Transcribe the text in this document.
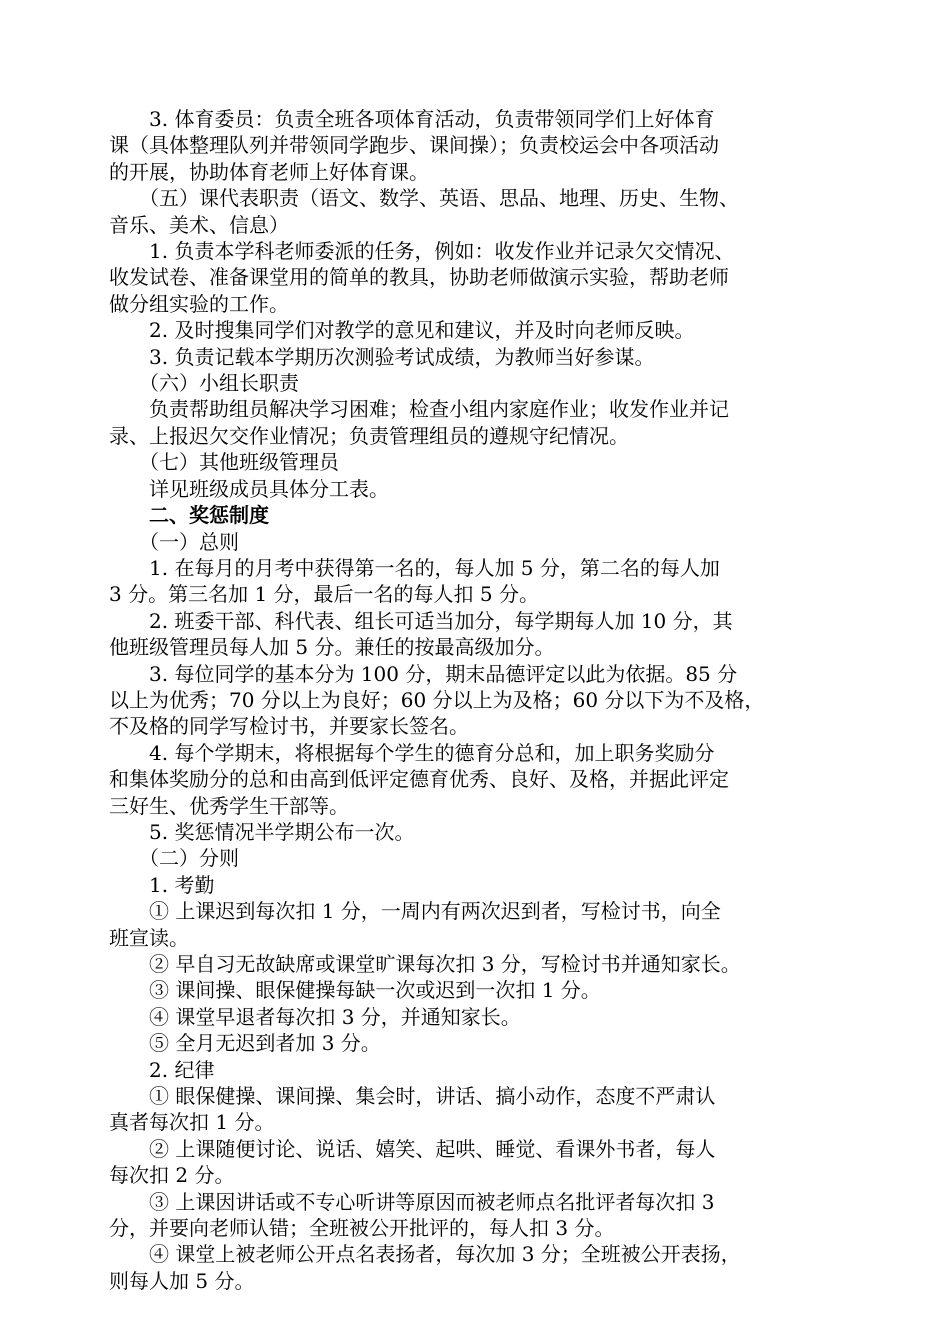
　　3. 体育委员：负责全班各项体育活动，负责带领同学们上好体育

课（具体整理队列并带领同学跑步、课间操）；负责校运会中各项活动

的开展，协助体育老师上好体育课。

　　（五）课代表职责（语文、数学、英语、思品、地理、历史、生物、

音乐、美术、信息）

　　1. 负责本学科老师委派的任务，例如：收发作业并记录欠交情况、

收发试卷、准备课堂用的简单的教具，协助老师做演示实验，帮助老师

做分组实验的工作。

　　2. 及时搜集同学们对教学的意见和建议，并及时向老师反映。

　　3. 负责记载本学期历次测验考试成绩，为教师当好参谋。

　　（六）小组长职责

　　负责帮助组员解决学习困难；检查小组内家庭作业；收发作业并记

录、上报迟欠交作业情况；负责管理组员的遵规守纪情况。

　　（七）其他班级管理员

　　详见班级成员具体分工表。

　　二、奖惩制度

　　（一）总则

　　1. 在每月的月考中获得第一名的，每人加 5 分，第二名的每人加

3 分。第三名加 1 分，最后一名的每人扣 5 分。

　　2. 班委干部、科代表、组长可适当加分，每学期每人加 10 分，其

他班级管理员每人加 5 分。兼任的按最高级加分。

　　3. 每位同学的基本分为 100 分，期末品德评定以此为依据。85 分

以上为优秀；70 分以上为良好；60 分以上为及格；60 分以下为不及格，

不及格的同学写检讨书，并要家长签名。

　　4. 每个学期末，将根据每个学生的德育分总和，加上职务奖励分

和集体奖励分的总和由高到低评定德育优秀、良好、及格，并据此评定

三好生、优秀学生干部等。

　　5. 奖惩情况半学期公布一次。

　　（二）分则

　　1. 考勤

　　① 上课迟到每次扣 1 分，一周内有两次迟到者，写检讨书，向全

班宣读。

　　② 早自习无故缺席或课堂旷课每次扣 3 分，写检讨书并通知家长。

　　③ 课间操、眼保健操每缺一次或迟到一次扣 1 分。

　　④ 课堂早退者每次扣 3 分，并通知家长。

　　⑤ 全月无迟到者加 3 分。

　　2. 纪律

　　① 眼保健操、课间操、集会时，讲话、搞小动作，态度不严肃认

真者每次扣 1 分。

　　② 上课随便讨论、说话、嬉笑、起哄、睡觉、看课外书者，每人

每次扣 2 分。

　　③ 上课因讲话或不专心听讲等原因而被老师点名批评者每次扣 3

分，并要向老师认错；全班被公开批评的，每人扣 3 分。

　　④ 课堂上被老师公开点名表扬者，每次加 3 分；全班被公开表扬，

则每人加 5 分。
